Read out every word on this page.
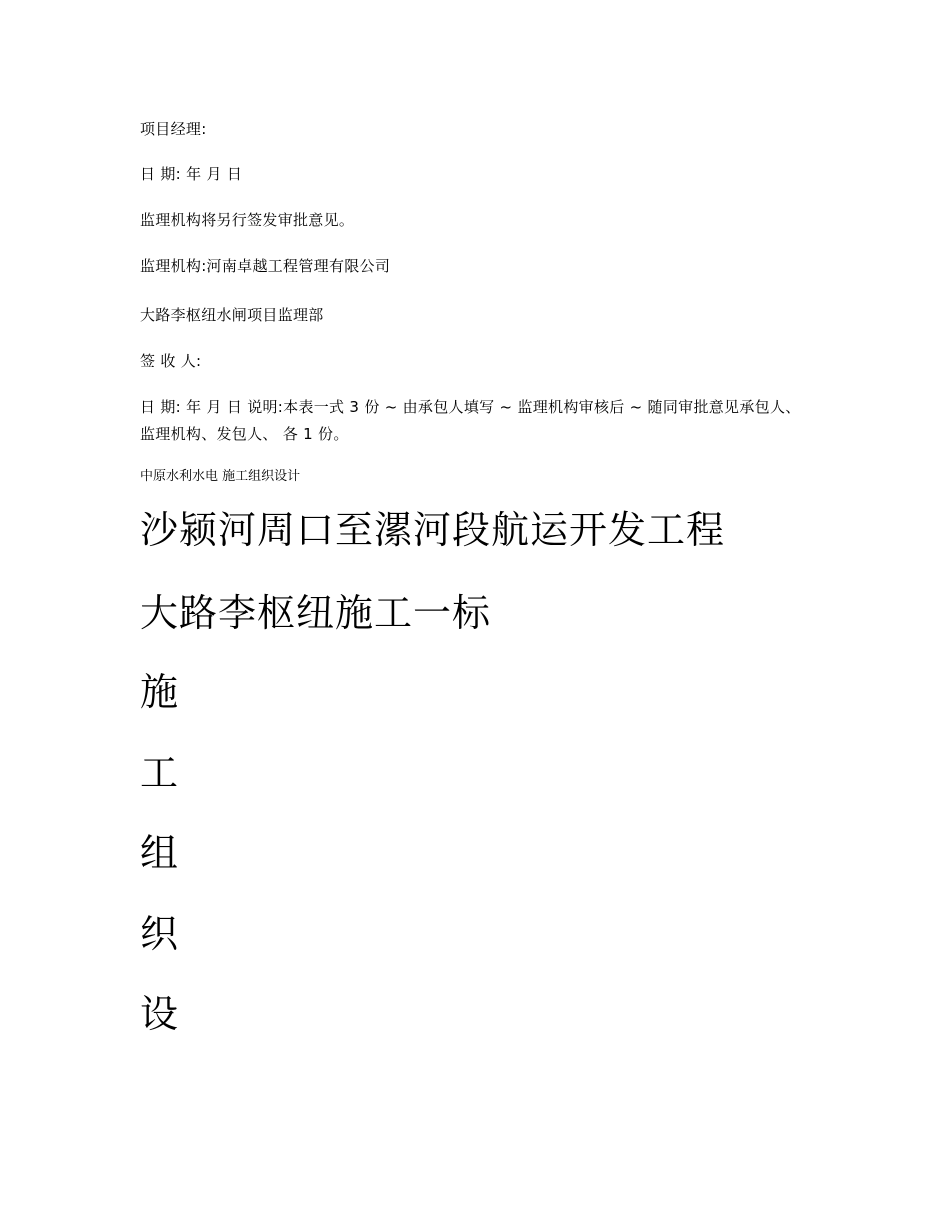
项目经理:
日 期: 年 月 日
监理机构将另行签发审批意见。
监理机构:河南卓越工程管理有限公司
大路李枢纽水闸项目监理部
签 收 人:
日 期: 年 月 日 说明:本表一式 3 份 ~ 由承包人填写 ~ 监理机构审核后 ~ 随同审批意见承包人、监理机构、发包人、 各 1 份。
中原水利水电 施工组织设计
沙颍河周口至漯河段航运开发工程
大路李枢纽施工一标
施
工
组
织
设
